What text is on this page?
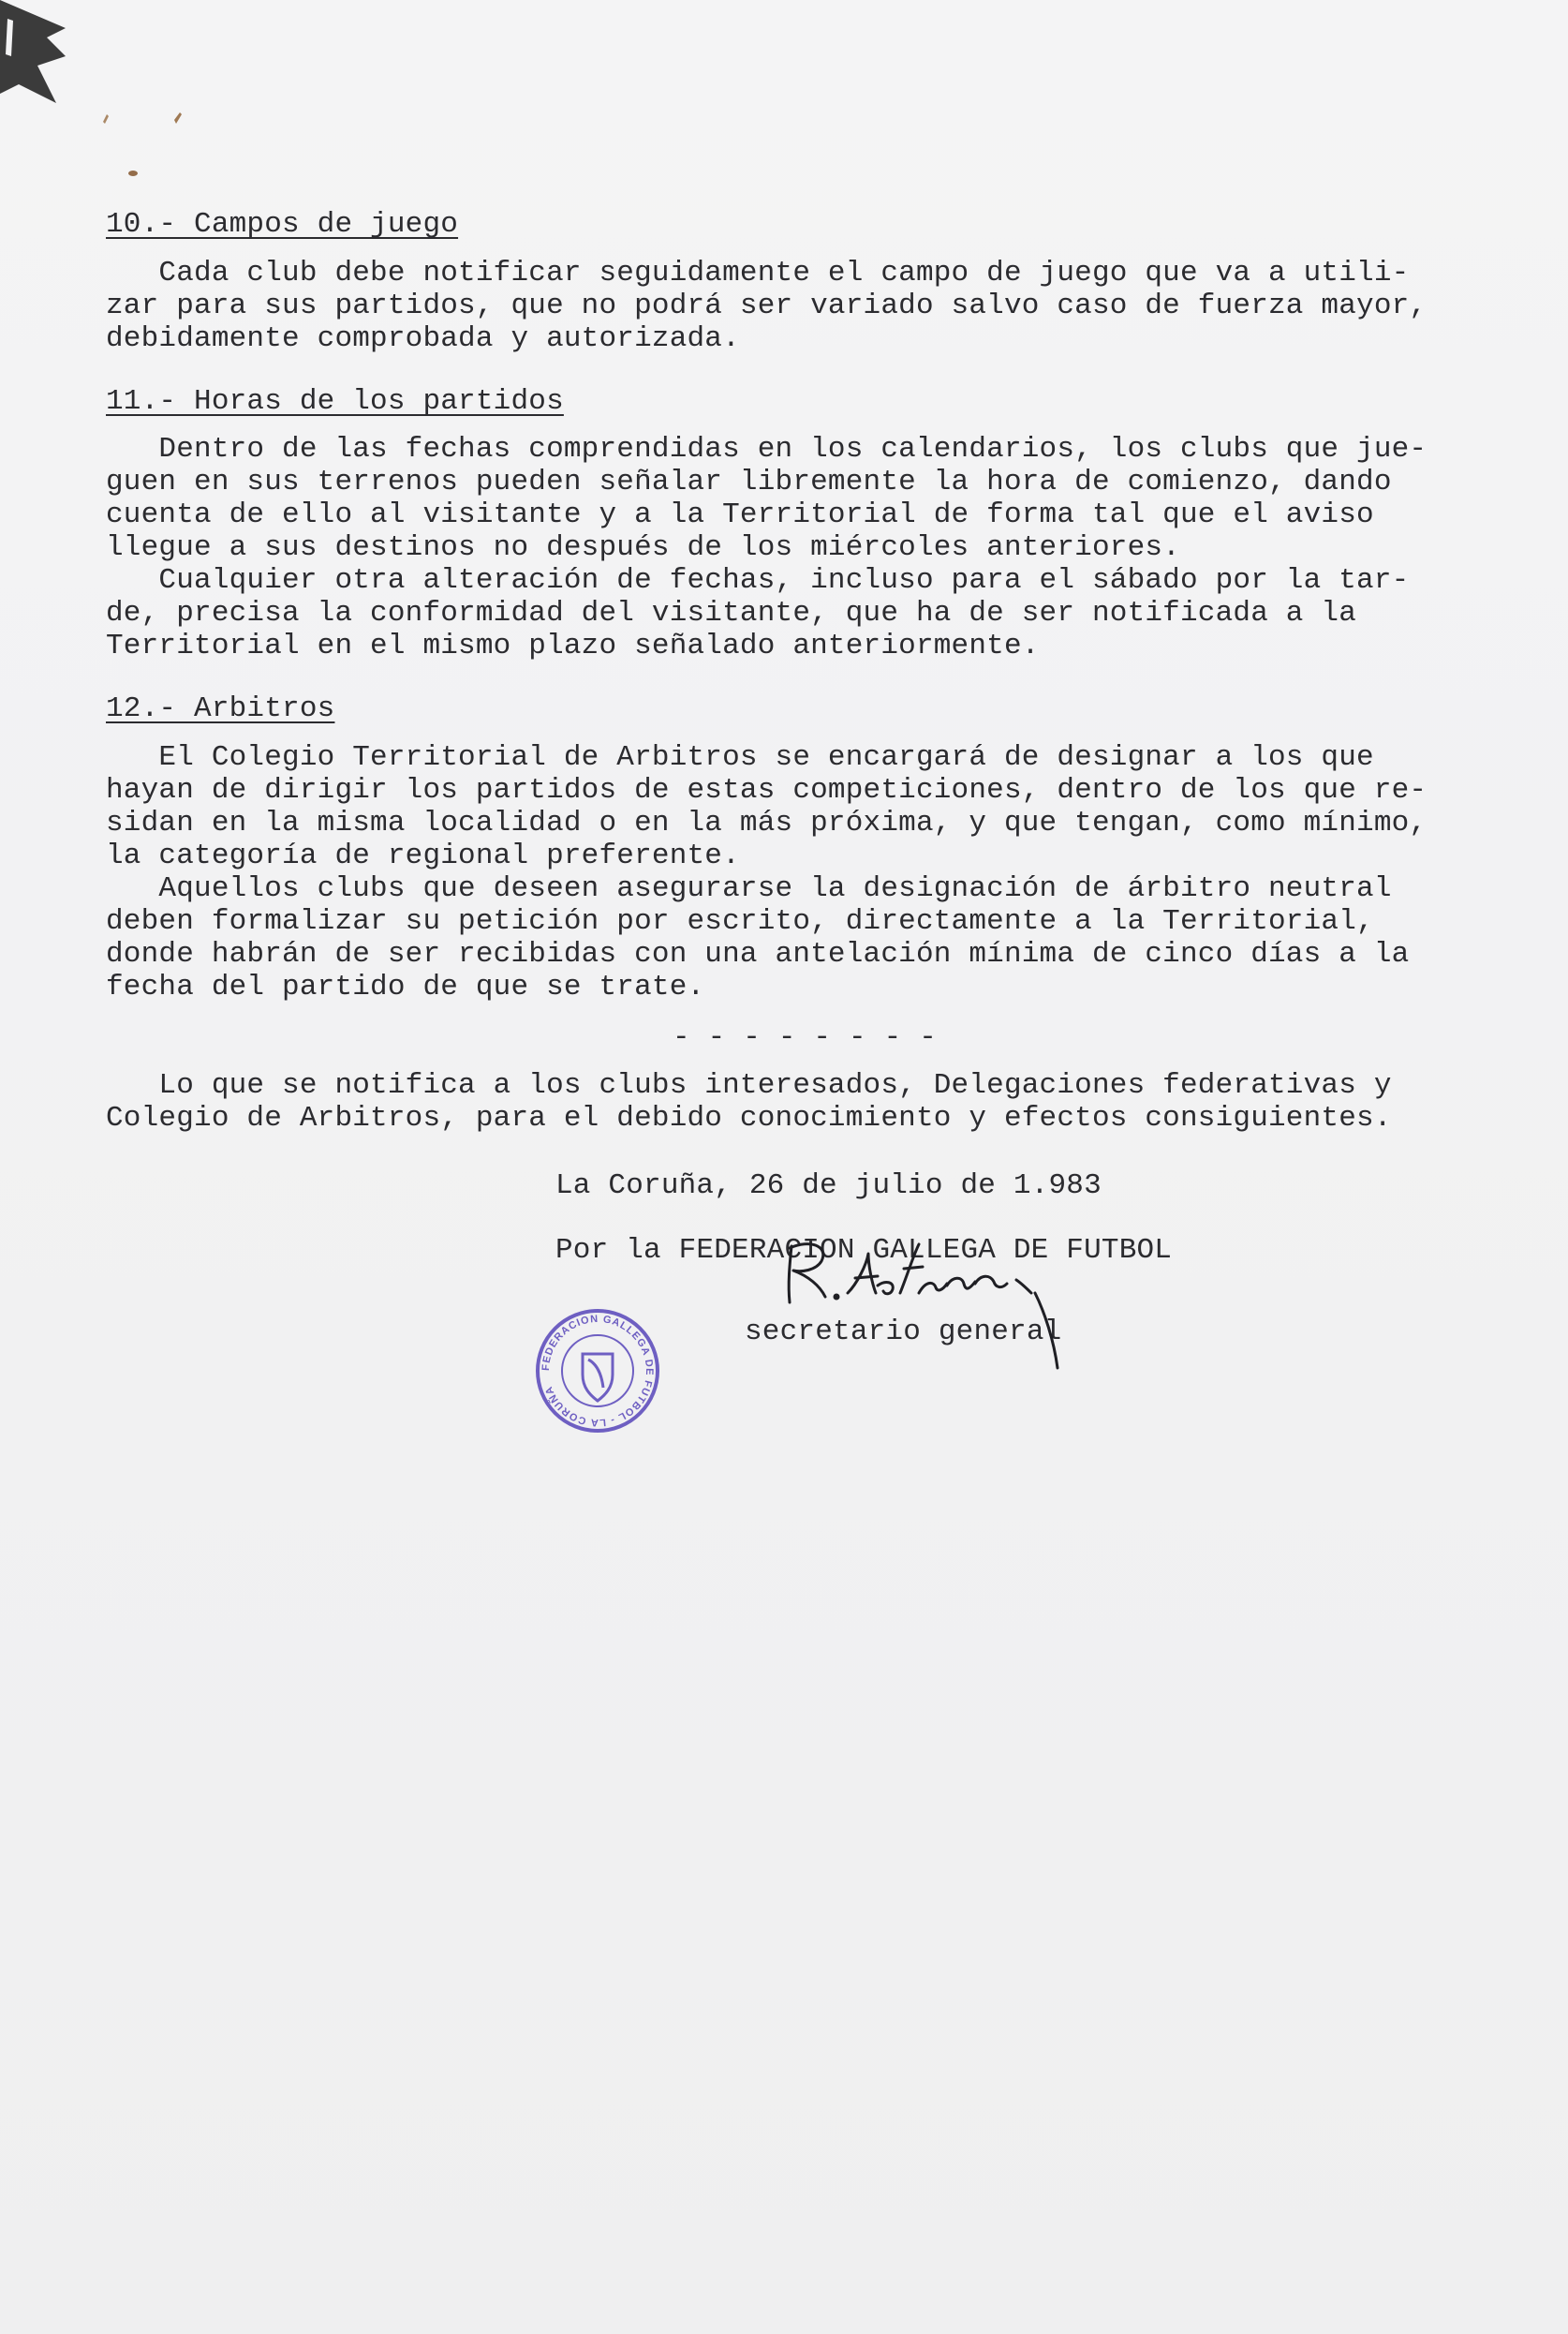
10.- Campos de juego
Cada club debe notificar seguidamente el campo de juego que va a utili-
zar para sus partidos, que no podrá ser variado salvo caso de fuerza mayor,
debidamente comprobada y autorizada.
11.- Horas de los partidos
Dentro de las fechas comprendidas en los calendarios, los clubs que jue-
guen en sus terrenos pueden señalar libremente la hora de comienzo, dando
cuenta de ello al visitante y a la Territorial de forma tal que el aviso
llegue a sus destinos no después de los miércoles anteriores.
Cualquier otra alteración de fechas, incluso para el sábado por la tar-
de, precisa la conformidad del visitante, que ha de ser notificada a la
Territorial en el mismo plazo señalado anteriormente.
12.- Arbitros
El Colegio Territorial de Arbitros se encargará de designar a los que
hayan de dirigir los partidos de estas competiciones, dentro de los que re-
sidan en la misma localidad o en la más próxima, y que tengan, como mínimo,
la categoría de regional preferente.
Aquellos clubs que deseen asegurarse la designación de árbitro neutral
deben formalizar su petición por escrito, directamente a la Territorial,
donde habrán de ser recibidas con una antelación mínima de cinco días a la
fecha del partido de que se trate.
- - - - - - - -
Lo que se notifica a los clubs interesados, Delegaciones federativas y
Colegio de Arbitros, para el debido conocimiento y efectos consiguientes.
La Coruña, 26 de julio de 1.983
Por la FEDERACION GALLEGA DE FUTBOL
secretario general
FEDERACION GALLEGA DE FUTBOL - LA CORUÑA
